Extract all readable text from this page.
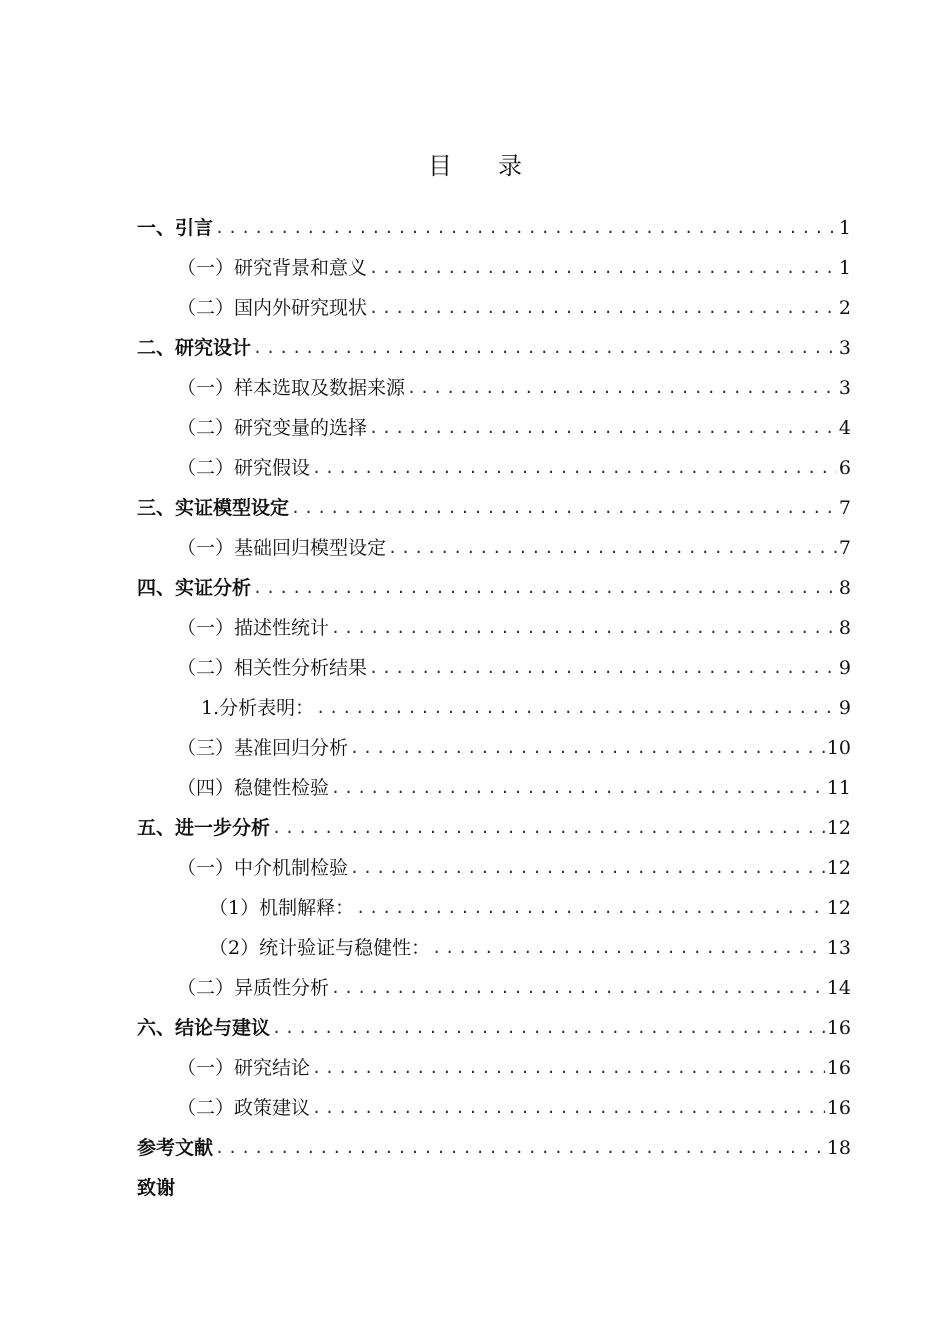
目 录
一、引言 .....	1
（一）研究背景和意义 .....	1
（二）国内外研究现状 .....	2
二、研究设计 .....	3
（一）样本选取及数据来源 .....	3
（二）研究变量的选择 .....	4
（二）研究假设 .....	6
三、实证模型设定 .....	7
（一）基础回归模型设定 .....	7
四、实证分析 .....	8
（一）描述性统计 .....	8
（二）相关性分析结果 .....	9
1.分析表明： .....	9
（三）基准回归分析 .....	10
（四）稳健性检验 .....	11
五、进一步分析 .....	12
（一）中介机制检验 .....	12
（1）机制解释： .....	12
（2）统计验证与稳健性： .....	13
（二）异质性分析 .....	14
六、结论与建议 .....	16
（一）研究结论 .....	16
（二）政策建议 .....	16
参考文献 .....	18
致谢
